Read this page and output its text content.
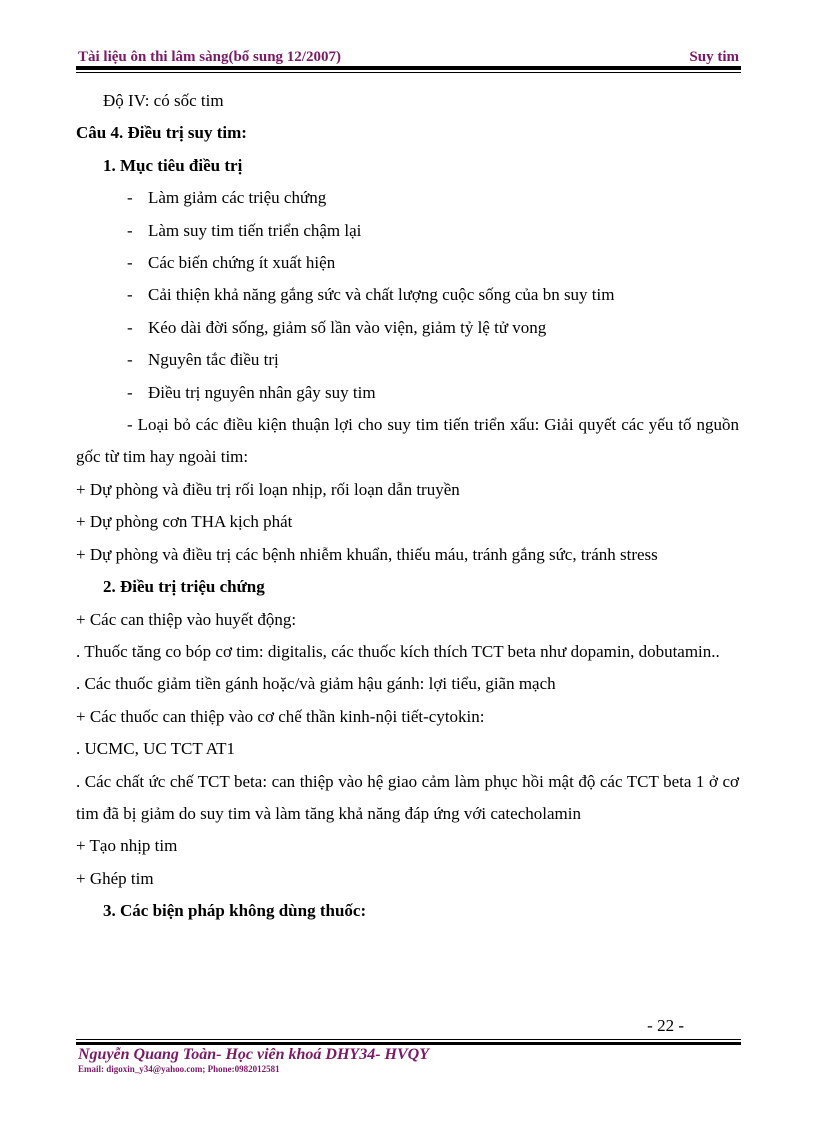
Tài liệu ôn thi lâm sàng(bổ sung 12/2007)	Suy tim

Độ IV: có sốc tim

Câu 4. Điều trị suy tim:

1. Mục tiêu điều trị

- Làm giảm các triệu chứng

- Làm suy tim tiến triển chậm lại

- Các biến chứng ít xuất hiện

- Cải thiện khả năng gắng sức và chất lượng cuộc sống của bn suy tim

- Kéo dài đời sống, giảm số lần vào viện, giảm tỷ lệ tử vong

- Nguyên tắc điều trị

- Điều trị nguyên nhân gây suy tim

- Loại bỏ các điều kiện thuận lợi cho suy tim tiến triển xấu: Giải quyết các yếu tố nguồn gốc từ tim hay ngoài tim:

+ Dự phòng và điều trị rối loạn nhịp, rối loạn dẫn truyền

+ Dự phòng cơn THA kịch phát

+ Dự phòng và điều trị các bệnh nhiễm khuẩn, thiếu máu, tránh gắng sức, tránh stress

2. Điều trị triệu chứng

+ Các can thiệp vào huyết động:

. Thuốc tăng co bóp cơ tim: digitalis, các thuốc kích thích TCT beta như dopamin, dobutamin..

. Các thuốc giảm tiền gánh hoặc/và giảm hậu gánh: lợi tiểu, giãn mạch

+ Các thuốc can thiệp vào cơ chế thần kinh-nội tiết-cytokin:

. UCMC, UC TCT AT1

. Các chất ức chế TCT beta: can thiệp vào hệ giao cảm làm phục hồi mật độ các TCT beta 1 ở cơ tim đã bị giảm do suy tim và làm tăng khả năng đáp ứng với catecholamin

+ Tạo nhịp tim

+ Ghép tim

3. Các biện pháp không dùng thuốc:

- 22 -
Nguyễn Quang Toàn- Học viên khoá DHY34- HVQY
Email: digoxin_y34@yahoo.com; Phone:0982012581
